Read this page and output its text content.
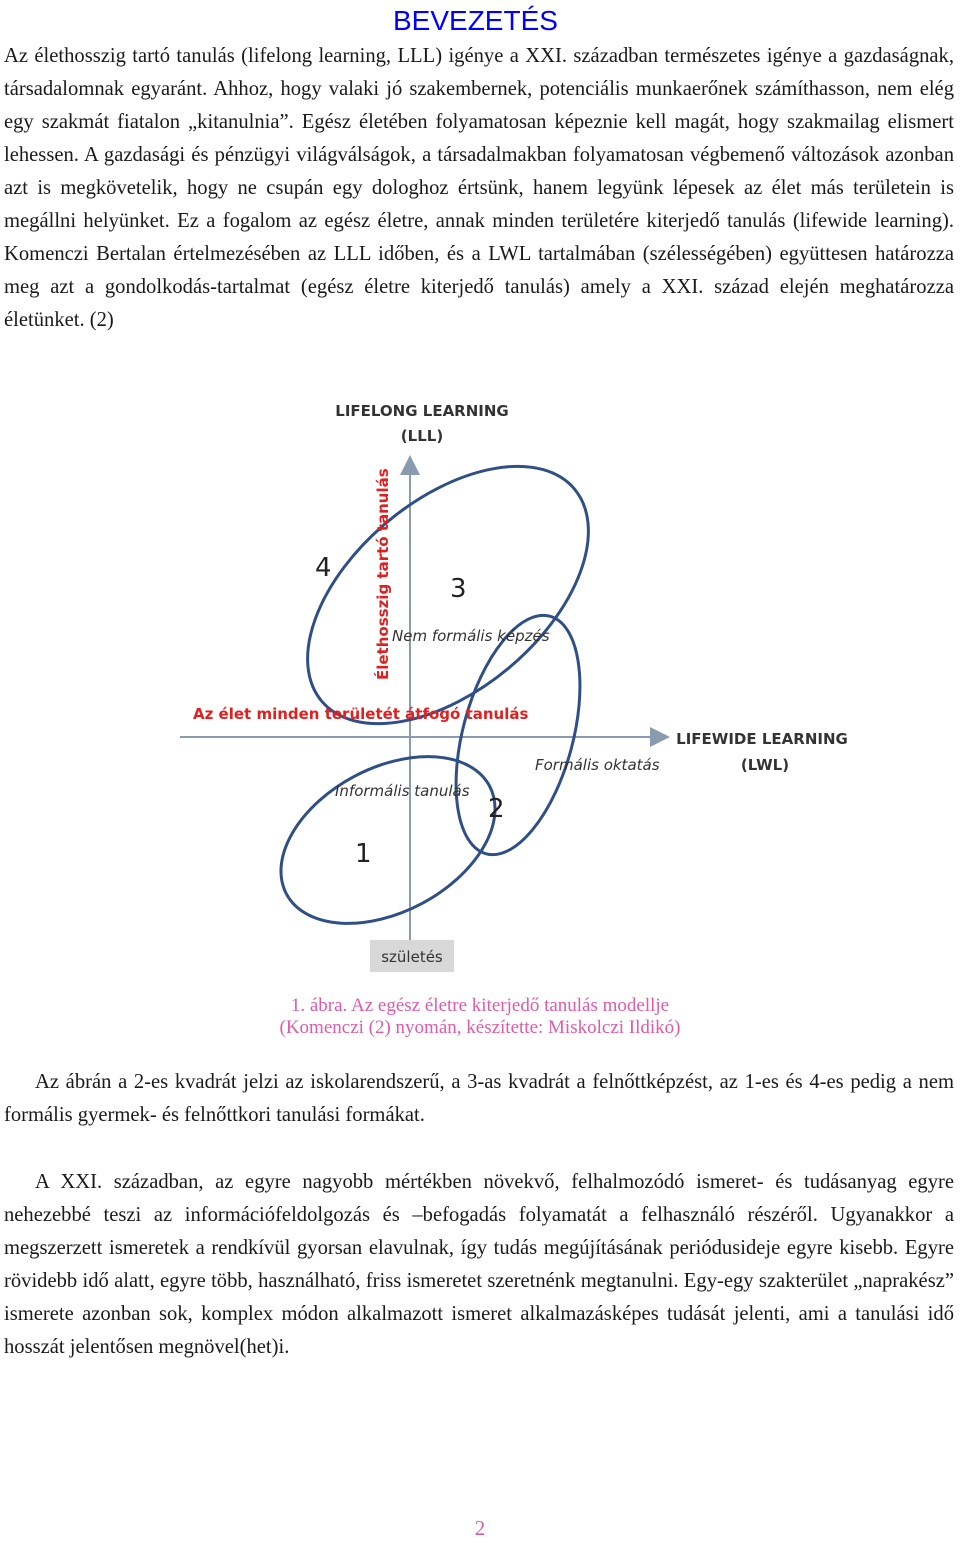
BEVEZETÉS

Az élethosszig tartó tanulás (lifelong learning, LLL) igénye a XXI. században természetes igénye a gazdaságnak, társadalomnak egyaránt. Ahhoz, hogy valaki jó szakembernek, potenciális munkaerőnek számíthasson, nem elég egy szakmát fiatalon „kitanulnia”. Egész életében folyamatosan képeznie kell magát, hogy szakmailag elismert lehessen. A gazdasági és pénzügyi világválságok, a társadalmakban folyamatosan végbemenő változások azonban azt is megkövetelik, hogy ne csupán egy dologhoz értsünk, hanem legyünk lépesek az élet más területein is megállni helyünket. Ez a fogalom az egész életre, annak minden területére kiterjedő tanulás (lifewide learning). Komenczi Bertalan értelmezésében az LLL időben, és a LWL tartalmában (szélességében) együttesen határozza meg azt a gondolkodás-tartalmat (egész életre kiterjedő tanulás) amely a XXI. század elején meghatározza életünket. (2)

LIFELONG LEARNING
(LLL)
LIFEWIDE LEARNING
(LWL)
Élethosszig tartó tanulás
Az élet minden területét átfogó tanulás
Nem formális képzés
Formális oktatás
Informális tanulás
1
2
3
4
születés
1. ábra. Az egész életre kiterjedő tanulás modellje
(Komenczi (2) nyomán, készítette: Miskolczi Ildikó)

Az ábrán a 2-es kvadrát jelzi az iskolarendszerű, a 3-as kvadrát a felnőttképzést, az 1-es és 4-es pedig a nem formális gyermek- és felnőttkori tanulási formákat.

A XXI. században, az egyre nagyobb mértékben növekvő, felhalmozódó ismeret- és tudásanyag egyre nehezebbé teszi az információfeldolgozás és –befogadás folyamatát a felhasználó részéről. Ugyanakkor a megszerzett ismeretek a rendkívül gyorsan elavulnak, így tudás megújításának periódusideje egyre kisebb. Egyre rövidebb idő alatt, egyre több, használható, friss ismeretet szeretnénk megtanulni. Egy-egy szakterület „naprakész” ismerete azonban sok, komplex módon alkalmazott ismeret alkalmazásképes tudását jelenti, ami a tanulási idő hosszát jelentősen megnövel(het)i.

2
